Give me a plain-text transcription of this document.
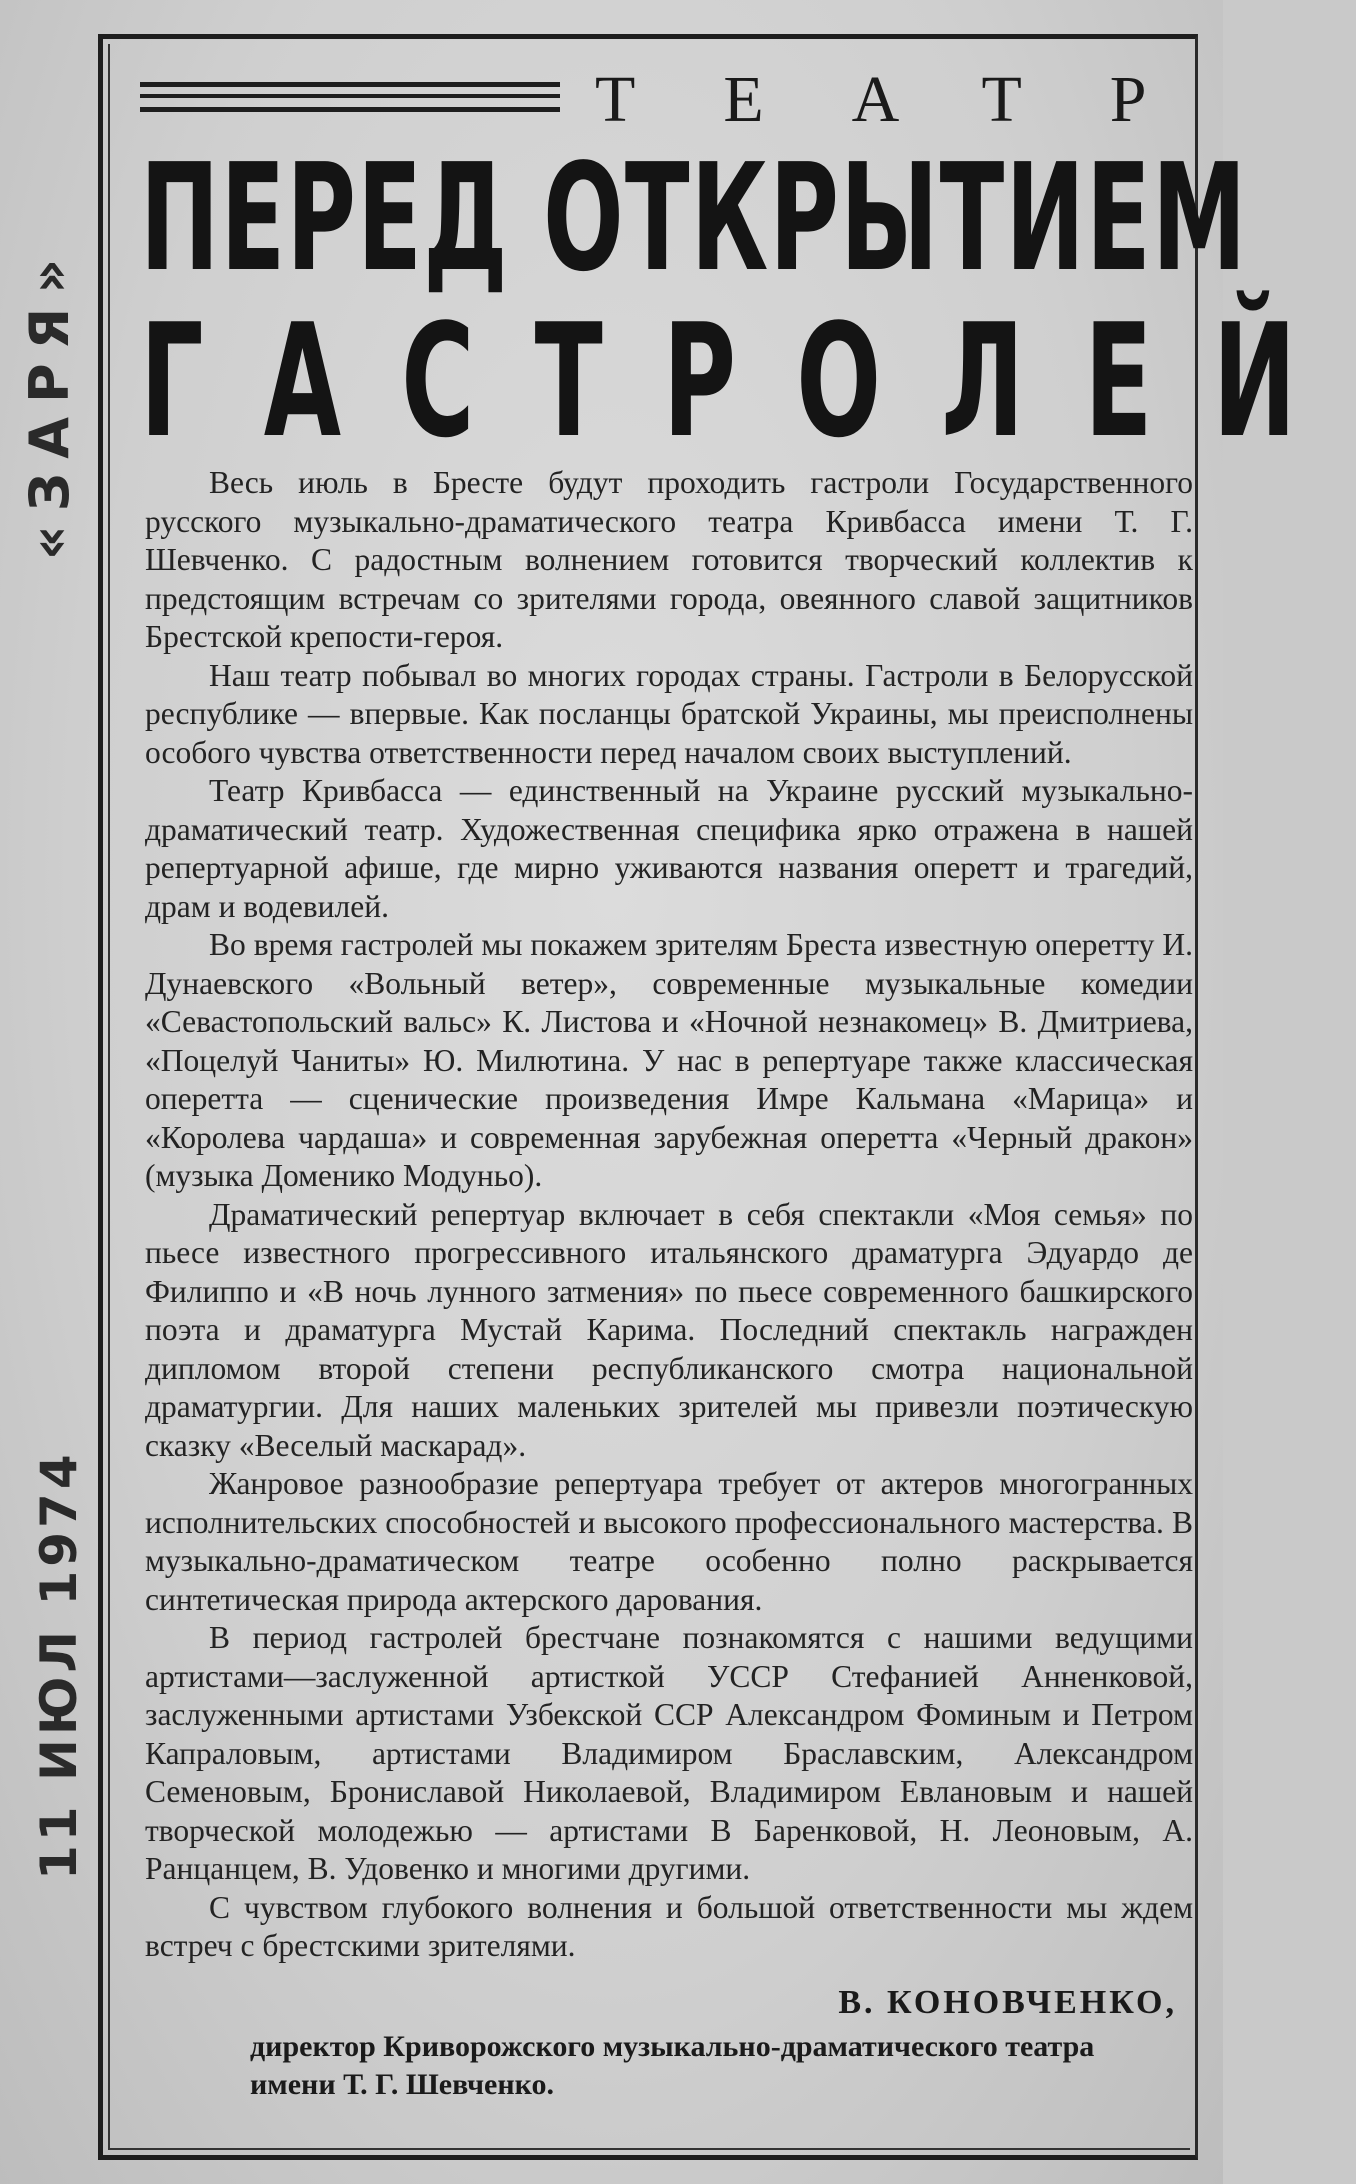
«ЗАРЯ»
11 ИЮЛ 1974
ТЕАТР
ПЕРЕД ОТКРЫТИЕМ
ГАСТРОЛЕЙ

Весь июль в Бресте будут проходить гастроли Государственного русского музыкально-драматического театра Кривбасса имени Т. Г. Шевченко. С радостным волнением готовится творческий коллектив к предстоящим встречам со зрителями города, овеянного славой защитников Брестской крепости-героя.

Наш театр побывал во многих городах страны. Гастроли в Белорусской республике — впервые. Как посланцы братской Украины, мы преисполнены особого чувства ответственности перед началом своих выступлений.

Театр Кривбасса — единственный на Украине русский музыкально-драматический театр. Художественная специфика ярко отражена в нашей репертуарной афише, где мирно уживаются названия оперетт и трагедий, драм и водевилей.

Во время гастролей мы покажем зрителям Бреста известную оперетту И. Дунаевского «Вольный ветер», современные музыкальные комедии «Севастопольский вальс» К. Листова и «Ночной незнакомец» В. Дмитриева, «Поцелуй Чаниты» Ю. Милютина. У нас в репертуаре также классическая оперетта — сценические произведения Имре Кальмана «Марица» и «Королева чардаша» и современная зарубежная оперетта «Черный дракон» (музыка Доменико Модуньо).

Драматический репертуар включает в себя спектакли «Моя семья» по пьесе известного прогрессивного итальянского драматурга Эдуардо де Филиппо и «В ночь лунного затмения» по пьесе современного башкирского поэта и драматурга Мустай Карима. Последний спектакль награжден дипломом второй степени республиканского смотра национальной драматургии. Для наших маленьких зрителей мы привезли поэтическую сказку «Веселый маскарад».

Жанровое разнообразие репертуара требует от актеров многогранных исполнительских способностей и высокого профессионального мастерства. В музыкально-драматическом театре особенно полно раскрывается синтетическая природа актерского дарования.

В период гастролей брестчане познакомятся с нашими ведущими артистами—заслуженной артисткой УССР Стефанией Анненковой, заслуженными артистами Узбекской ССР Александром Фоминым и Петром Капраловым, артистами Владимиром Браславским, Александром Семеновым, Брониславой Николаевой, Владимиром Евлановым и нашей творческой молодежью — артистами В Баренковой, Н. Леоновым, А. Ранцанцем, В. Удовенко и многими другими.

С чувством глубокого волнения и большой ответственности мы ждем встреч с брестскими зрителями.

В. КОНОВЧЕНКО,
директор Криворожского музыкально-драматического театра имени Т. Г. Шевченко.
